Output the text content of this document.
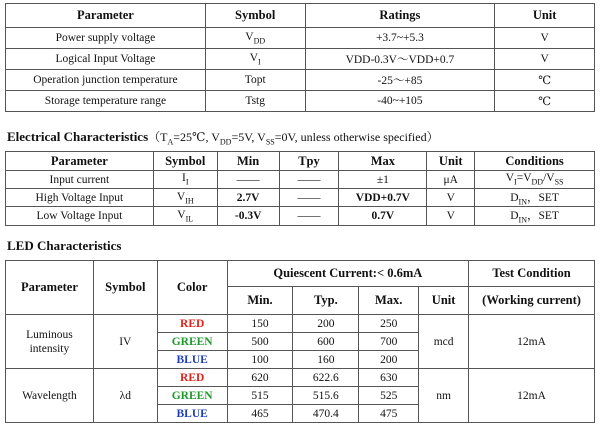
Parameter	Symbol	Ratings	Unit
Power supply voltage	$V_{DD}$	+3.7~+5.3	V
Logical Input Voltage	$V_I$	VDD-0.3V～VDD+0.7	V
Operation junction temperature	Topt	-25～+85	℃
Storage temperature range	Tstg	-40~+105	℃

Electrical $Characteristics(T_A=25℃$, $V_{DD}=5V$, $V_{SS}=0V$, unless otherwise specified）

Parameter	Symbol	Min	Tpy	Max	Unit	Conditions
Input current	$I_I$	——	——	±1	μA	$V_I=V_{DD}/V_{SS}$
High Voltage Input	$V_{IH}$	2.7V	——	VDD+0.7V	V	$D_{IN}$，SET
Low Voltage Input	$V_{IL}$	-0.3V	——	0.7V	V	$D_{IN}$，SET

LED Characteristics

Parameter	Symbol	Color	Quiescent Current:< 0.6mA				Test Condition
			Min.	Typ.	Max.	Unit	(Working current)
Luminous intensity	IV	RED	150	200	250	mcd	12mA
		GREEN	500	600	700		
		BLUE	100	160	200		
Wavelength	λd	RED	620	622.6	630	nm	12mA
		GREEN	515	515.6	525		
		BLUE	465	470.4	475		
